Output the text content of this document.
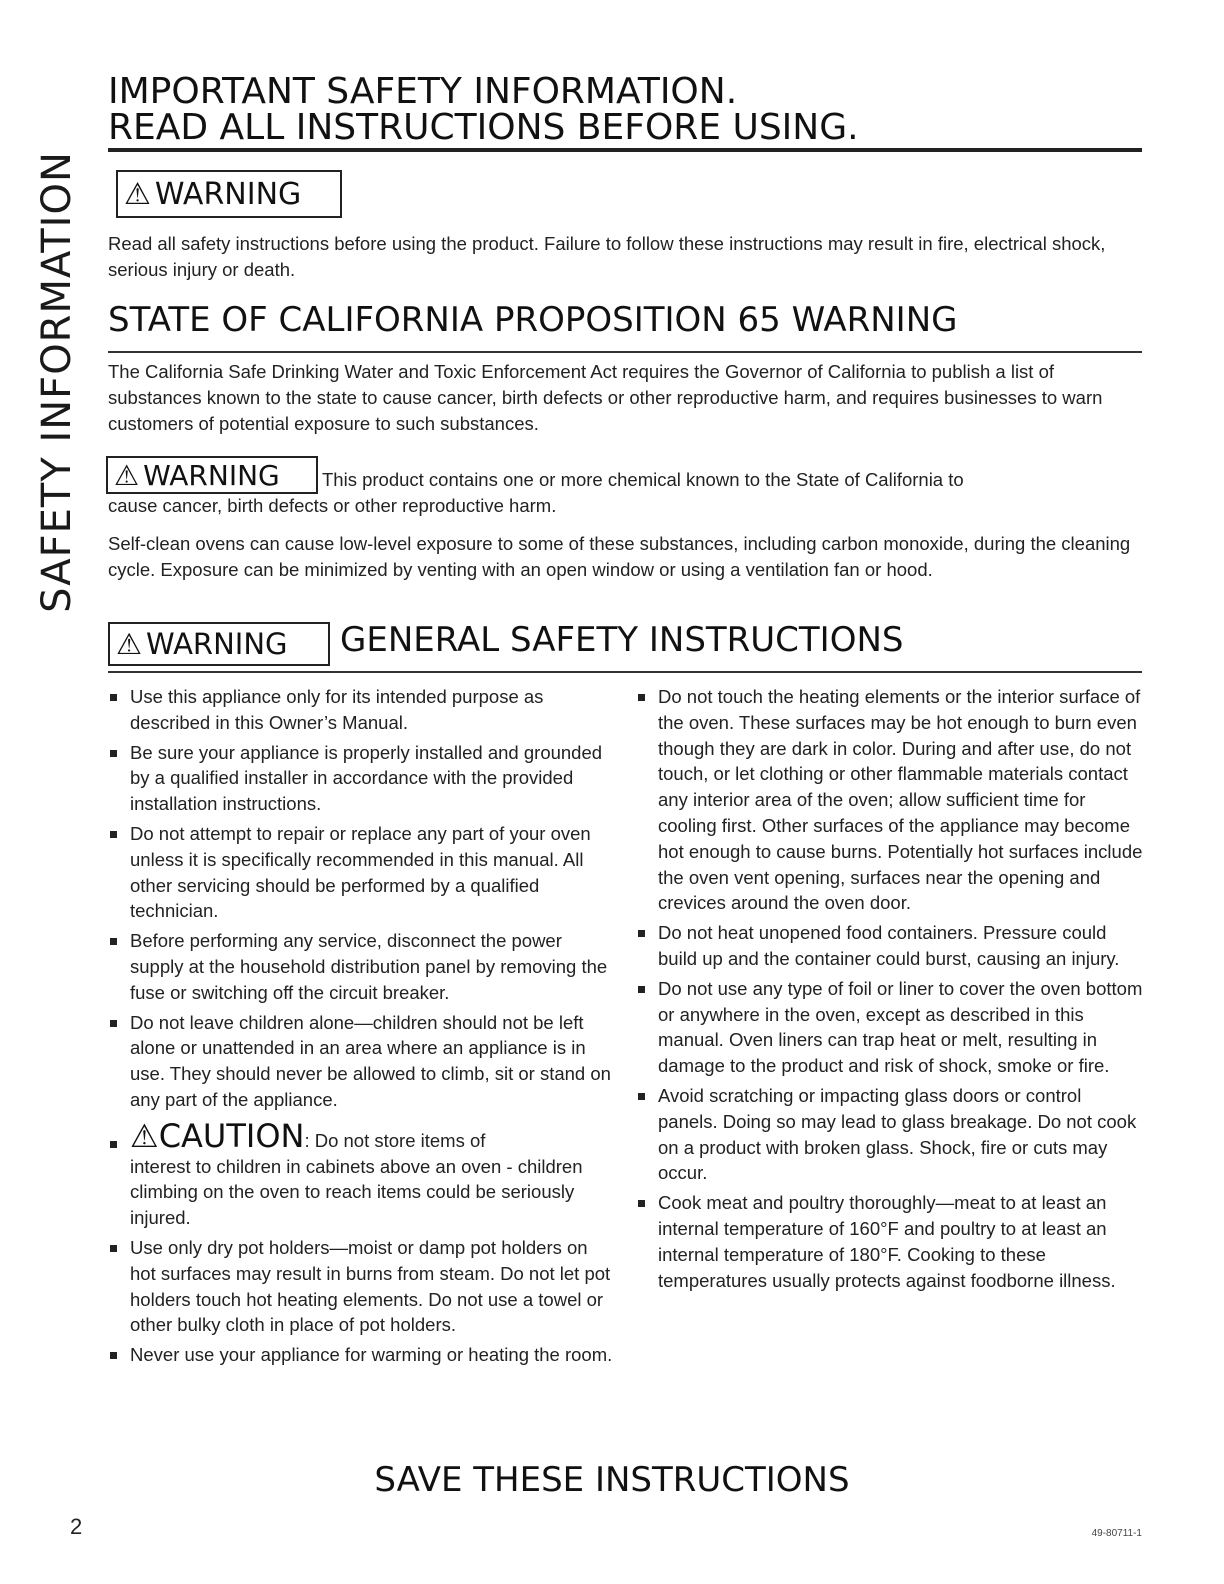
SAFETY INFORMATION
IMPORTANT SAFETY INFORMATION.
READ ALL INSTRUCTIONS BEFORE USING.
⚠ WARNING
Read all safety instructions before using the product. Failure to follow these instructions may result in fire, electrical shock, serious injury or death.
STATE OF CALIFORNIA PROPOSITION 65 WARNING
The California Safe Drinking Water and Toxic Enforcement Act requires the Governor of California to publish a list of substances known to the state to cause cancer, birth defects or other reproductive harm, and requires businesses to warn customers of potential exposure to such substances.
⚠ WARNING This product contains one or more chemical known to the State of California to
cause cancer, birth defects or other reproductive harm.
Self-clean ovens can cause low-level exposure to some of these substances, including carbon monoxide, during the cleaning cycle. Exposure can be minimized by venting with an open window or using a ventilation fan or hood.
⚠ WARNING GENERAL SAFETY INSTRUCTIONS
Use this appliance only for its intended purpose as described in this Owner’s Manual.
Be sure your appliance is properly installed and grounded by a qualified installer in accordance with the provided installation instructions.
Do not attempt to repair or replace any part of your oven unless it is specifically recommended in this manual. All other servicing should be performed by a qualified technician.
Before performing any service, disconnect the power supply at the household distribution panel by removing the fuse or switching off the circuit breaker.
Do not leave children alone—children should not be left alone or unattended in an area where an appliance is in use. They should never be allowed to climb, sit or stand on any part of the appliance.
⚠CAUTION: Do not store items of
interest to children in cabinets above an oven - children climbing on the oven to reach items could be seriously injured.
Use only dry pot holders—moist or damp pot holders on hot surfaces may result in burns from steam. Do not let pot holders touch hot heating elements. Do not use a towel or other bulky cloth in place of pot holders.
Never use your appliance for warming or heating the room.
Do not touch the heating elements or the interior surface of the oven. These surfaces may be hot enough to burn even though they are dark in color. During and after use, do not touch, or let clothing or other flammable materials contact any interior area of the oven; allow sufficient time for cooling first. Other surfaces of the appliance may become hot enough to cause burns. Potentially hot surfaces include the oven vent opening, surfaces near the opening and crevices around the oven door.
Do not heat unopened food containers. Pressure could build up and the container could burst, causing an injury.
Do not use any type of foil or liner to cover the oven bottom or anywhere in the oven, except as described in this manual. Oven liners can trap heat or melt, resulting in damage to the product and risk of shock, smoke or fire.
Avoid scratching or impacting glass doors or control panels. Doing so may lead to glass breakage. Do not cook on a product with broken glass. Shock, fire or cuts may occur.
Cook meat and poultry thoroughly—meat to at least an internal temperature of 160°F and poultry to at least an internal temperature of 180°F. Cooking to these temperatures usually protects against foodborne illness.
SAVE THESE INSTRUCTIONS
2	49-80711-1
